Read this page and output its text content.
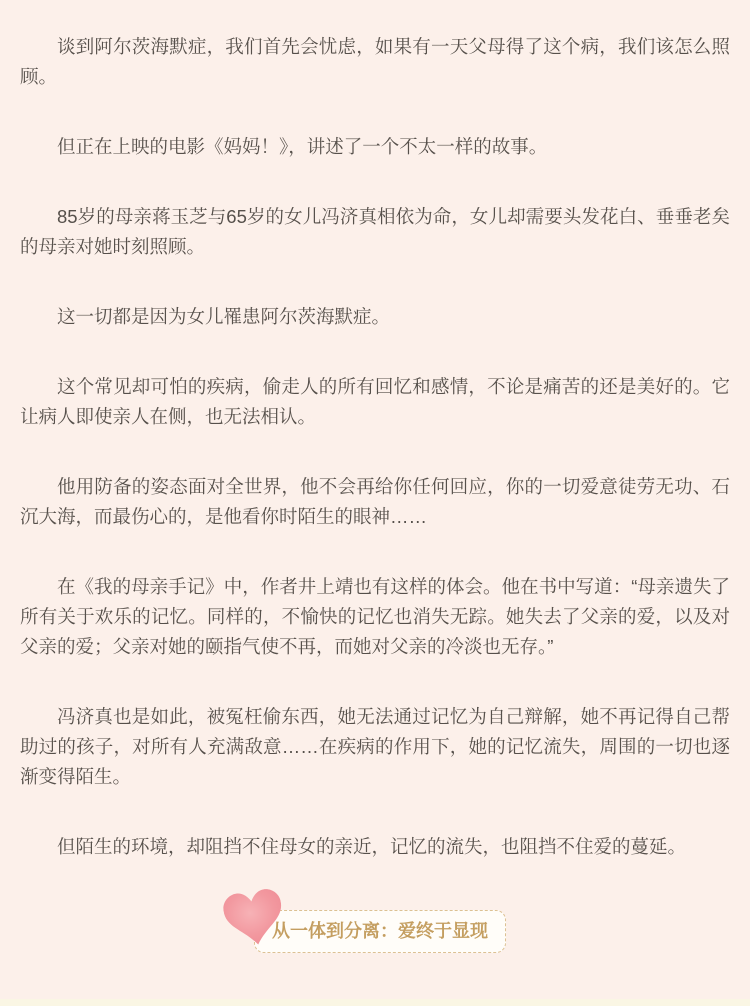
谈到阿尔茨海默症，我们首先会忧虑，如果有一天父母得了这个病，我们该怎么照顾。

但正在上映的电影《妈妈！》，讲述了一个不太一样的故事。

85岁的母亲蒋玉芝与65岁的女儿冯济真相依为命，女儿却需要头发花白、垂垂老矣的母亲对她时刻照顾。

这一切都是因为女儿罹患阿尔茨海默症。

这个常见却可怕的疾病，偷走人的所有回忆和感情，不论是痛苦的还是美好的。它让病人即使亲人在侧，也无法相认。

他用防备的姿态面对全世界，他不会再给你任何回应，你的一切爱意徒劳无功、石沉大海，而最伤心的，是他看你时陌生的眼神……

在《我的母亲手记》中，作者井上靖也有这样的体会。他在书中写道：“母亲遗失了所有关于欢乐的记忆。同样的，不愉快的记忆也消失无踪。她失去了父亲的爱，以及对父亲的爱；父亲对她的颐指气使不再，而她对父亲的冷淡也无存。”

冯济真也是如此，被冤枉偷东西，她无法通过记忆为自己辩解，她不再记得自己帮助过的孩子，对所有人充满敌意……在疾病的作用下，她的记忆流失，周围的一切也逐渐变得陌生。

但陌生的环境，却阻挡不住母女的亲近，记忆的流失，也阻挡不住爱的蔓延。

从一体到分离：爱终于显现
